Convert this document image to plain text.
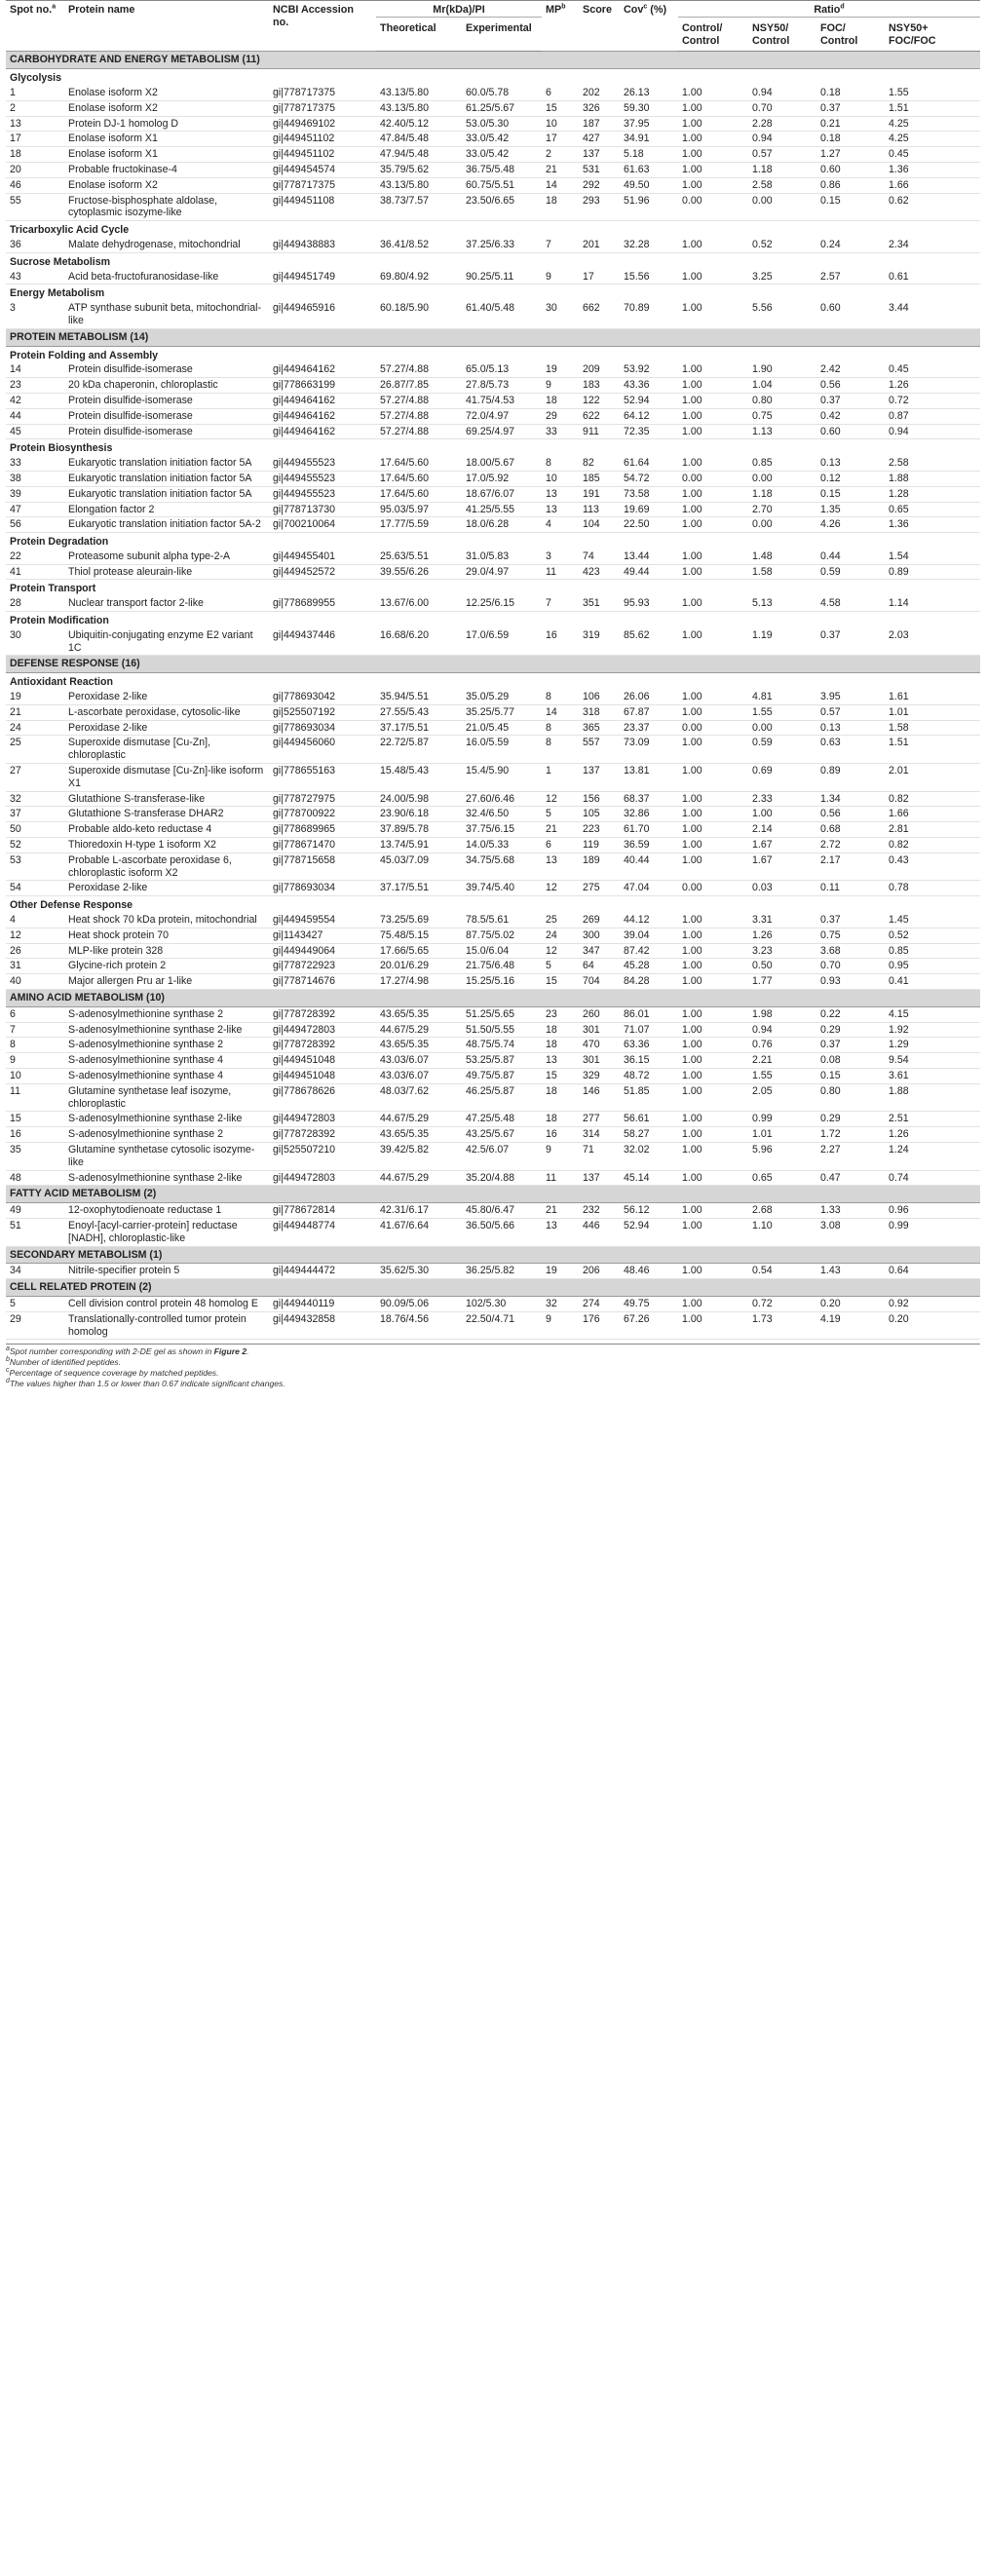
Spot no.$^a$	Protein name	NCBI Accession no.	Mr(kDa)/PI		$MP^b$	Score	Cov$^c$ (%)	Ratio$^d$
			Theoretical	Experimental				Control/ Control	NSY50/ Control	FOC/ Control	NSY50+ FOC/FOC
CARBOHYDRATE AND ENERGY METABOLISM (11)											
Glycolysis											
1	Enolase isoform X2	gi|778717375	43.13/5.80	60.0/5.78	6	202	26.13	1.00	0.94	0.18	1.55
2	Enolase isoform X2	gi|778717375	43.13/5.80	61.25/5.67	15	326	59.30	1.00	0.70	0.37	1.51
13	Protein DJ-1 homolog D	gi|449469102	42.40/5.12	53.0/5.30	10	187	37.95	1.00	2.28	0.21	4.25
17	Enolase isoform X1	gi|449451102	47.84/5.48	33.0/5.42	17	427	34.91	1.00	0.94	0.18	4.25
18	Enolase isoform X1	gi|449451102	47.94/5.48	33.0/5.42	2	137	5.18	1.00	0.57	1.27	0.45
20	Probable fructokinase-4	gi|449454574	35.79/5.62	36.75/5.48	21	531	61.63	1.00	1.18	0.60	1.36
46	Enolase isoform X2	gi|778717375	43.13/5.80	60.75/5.51	14	292	49.50	1.00	2.58	0.86	1.66
55	Fructose-bisphosphate aldolase, cytoplasmic isozyme-like	gi|449451108	38.73/7.57	23.50/6.65	18	293	51.96	0.00	0.00	0.15	0.62
Tricarboxylic Acid Cycle											
36	Malate dehydrogenase, mitochondrial	gi|449438883	36.41/8.52	37.25/6.33	7	201	32.28	1.00	0.52	0.24	2.34
Sucrose Metabolism											
43	Acid beta-fructofuranosidase-like	gi|449451749	69.80/4.92	90.25/5.11	9	17	15.56	1.00	3.25	2.57	0.61
Energy Metabolism											
3	ATP synthase subunit beta, mitochondrial-like	gi|449465916	60.18/5.90	61.40/5.48	30	662	70.89	1.00	5.56	0.60	3.44
PROTEIN METABOLISM (14)											
Protein Folding and Assembly											
14	Protein disulfide-isomerase	gi|449464162	57.27/4.88	65.0/5.13	19	209	53.92	1.00	1.90	2.42	0.45
23	20 kDa chaperonin, chloroplastic	gi|778663199	26.87/7.85	27.8/5.73	9	183	43.36	1.00	1.04	0.56	1.26
42	Protein disulfide-isomerase	gi|449464162	57.27/4.88	41.75/4.53	18	122	52.94	1.00	0.80	0.37	0.72
44	Protein disulfide-isomerase	gi|449464162	57.27/4.88	72.0/4.97	29	622	64.12	1.00	0.75	0.42	0.87
45	Protein disulfide-isomerase	gi|449464162	57.27/4.88	69.25/4.97	33	911	72.35	1.00	1.13	0.60	0.94
Protein Biosynthesis											
33	Eukaryotic translation initiation factor 5A	gi|449455523	17.64/5.60	18.00/5.67	8	82	61.64	1.00	0.85	0.13	2.58
38	Eukaryotic translation initiation factor 5A	gi|449455523	17.64/5.60	17.0/5.92	10	185	54.72	0.00	0.00	0.12	1.88
39	Eukaryotic translation initiation factor 5A	gi|449455523	17.64/5.60	18.67/6.07	13	191	73.58	1.00	1.18	0.15	1.28
47	Elongation factor 2	gi|778713730	95.03/5.97	41.25/5.55	13	113	19.69	1.00	2.70	1.35	0.65
56	Eukaryotic translation initiation factor 5A-2	gi|700210064	17.77/5.59	18.0/6.28	4	104	22.50	1.00	0.00	4.26	1.36
Protein Degradation											
22	Proteasome subunit alpha type-2-A	gi|449455401	25.63/5.51	31.0/5.83	3	74	13.44	1.00	1.48	0.44	1.54
41	Thiol protease aleurain-like	gi|449452572	39.55/6.26	29.0/4.97	11	423	49.44	1.00	1.58	0.59	0.89
Protein Transport											
28	Nuclear transport factor 2-like	gi|778689955	13.67/6.00	12.25/6.15	7	351	95.93	1.00	5.13	4.58	1.14
Protein Modification											
30	Ubiquitin-conjugating enzyme E2 variant 1C	gi|449437446	16.68/6.20	17.0/6.59	16	319	85.62	1.00	1.19	0.37	2.03
DEFENSE RESPONSE (16)											
Antioxidant Reaction											
19	Peroxidase 2-like	gi|778693042	35.94/5.51	35.0/5.29	8	106	26.06	1.00	4.81	3.95	1.61
21	L-ascorbate peroxidase, cytosolic-like	gi|525507192	27.55/5.43	35.25/5.77	14	318	67.87	1.00	1.55	0.57	1.01
24	Peroxidase 2-like	gi|778693034	37.17/5.51	21.0/5.45	8	365	23.37	0.00	0.00	0.13	1.58
25	Superoxide dismutase [Cu-Zn], chloroplastic	gi|449456060	22.72/5.87	16.0/5.59	8	557	73.09	1.00	0.59	0.63	1.51
27	Superoxide dismutase [Cu-Zn]-like isoform X1	gi|778655163	15.48/5.43	15.4/5.90	1	137	13.81	1.00	0.69	0.89	2.01
32	Glutathione S-transferase-like	gi|778727975	24.00/5.98	27.60/6.46	12	156	68.37	1.00	2.33	1.34	0.82
37	Glutathione S-transferase DHAR2	gi|778700922	23.90/6.18	32.4/6.50	5	105	32.86	1.00	1.00	0.56	1.66
50	Probable aldo-keto reductase 4	gi|778689965	37.89/5.78	37.75/6.15	21	223	61.70	1.00	2.14	0.68	2.81
52	Thioredoxin H-type 1 isoform X2	gi|778671470	13.74/5.91	14.0/5.33	6	119	36.59	1.00	1.67	2.72	0.82
53	Probable L-ascorbate peroxidase 6, chloroplastic isoform X2	gi|778715658	45.03/7.09	34.75/5.68	13	189	40.44	1.00	1.67	2.17	0.43
54	Peroxidase 2-like	gi|778693034	37.17/5.51	39.74/5.40	12	275	47.04	0.00	0.03	0.11	0.78
Other Defense Response											
4	Heat shock 70 kDa protein, mitochondrial	gi|449459554	73.25/5.69	78.5/5.61	25	269	44.12	1.00	3.31	0.37	1.45
12	Heat shock protein 70	gi|1143427	75.48/5.15	87.75/5.02	24	300	39.04	1.00	1.26	0.75	0.52
26	MLP-like protein 328	gi|449449064	17.66/5.65	15.0/6.04	12	347	87.42	1.00	3.23	3.68	0.85
31	Glycine-rich protein 2	gi|778722923	20.01/6.29	21.75/6.48	5	64	45.28	1.00	0.50	0.70	0.95
40	Major allergen Pru ar 1-like	gi|778714676	17.27/4.98	15.25/5.16	15	704	84.28	1.00	1.77	0.93	0.41
AMINO ACID METABOLISM (10)											
6	S-adenosylmethionine synthase 2	gi|778728392	43.65/5.35	51.25/5.65	23	260	86.01	1.00	1.98	0.22	4.15
7	S-adenosylmethionine synthase 2-like	gi|449472803	44.67/5.29	51.50/5.55	18	301	71.07	1.00	0.94	0.29	1.92
8	S-adenosylmethionine synthase 2	gi|778728392	43.65/5.35	48.75/5.74	18	470	63.36	1.00	0.76	0.37	1.29
9	S-adenosylmethionine synthase 4	gi|449451048	43.03/6.07	53.25/5.87	13	301	36.15	1.00	2.21	0.08	9.54
10	S-adenosylmethionine synthase 4	gi|449451048	43.03/6.07	49.75/5.87	15	329	48.72	1.00	1.55	0.15	3.61
11	Glutamine synthetase leaf isozyme, chloroplastic	gi|778678626	48.03/7.62	46.25/5.87	18	146	51.85	1.00	2.05	0.80	1.88
15	S-adenosylmethionine synthase 2-like	gi|449472803	44.67/5.29	47.25/5.48	18	277	56.61	1.00	0.99	0.29	2.51
16	S-adenosylmethionine synthase 2	gi|778728392	43.65/5.35	43.25/5.67	16	314	58.27	1.00	1.01	1.72	1.26
35	Glutamine synthetase cytosolic isozyme-like	gi|525507210	39.42/5.82	42.5/6.07	9	71	32.02	1.00	5.96	2.27	1.24
48	S-adenosylmethionine synthase 2-like	gi|449472803	44.67/5.29	35.20/4.88	11	137	45.14	1.00	0.65	0.47	0.74
FATTY ACID METABOLISM (2)											
49	12-oxophytodienoate reductase 1	gi|778672814	42.31/6.17	45.80/6.47	21	232	56.12	1.00	2.68	1.33	0.96
51	Enoyl-[acyl-carrier-protein] reductase [NADH], chloroplastic-like	gi|449448774	41.67/6.64	36.50/5.66	13	446	52.94	1.00	1.10	3.08	0.99
SECONDARY METABOLISM (1)											
34	Nitrile-specifier protein 5	gi|449444472	35.62/5.30	36.25/5.82	19	206	48.46	1.00	0.54	1.43	0.64
CELL RELATED PROTEIN (2)											
5	Cell division control protein 48 homolog E	gi|449440119	90.09/5.06	102/5.30	32	274	49.75	1.00	0.72	0.20	0.92
29	Translationally-controlled tumor protein homolog	gi|449432858	18.76/4.56	22.50/4.71	9	176	67.26	1.00	1.73	4.19	0.20
$^a$Spot number corresponding with 2-DE gel as shown in Figure 2.
$^b$Number of identified peptides.
$^c$Percentage of sequence coverage by matched peptides.
$^d$The values higher than 1.5 or lower than 0.67 indicate significant changes.
